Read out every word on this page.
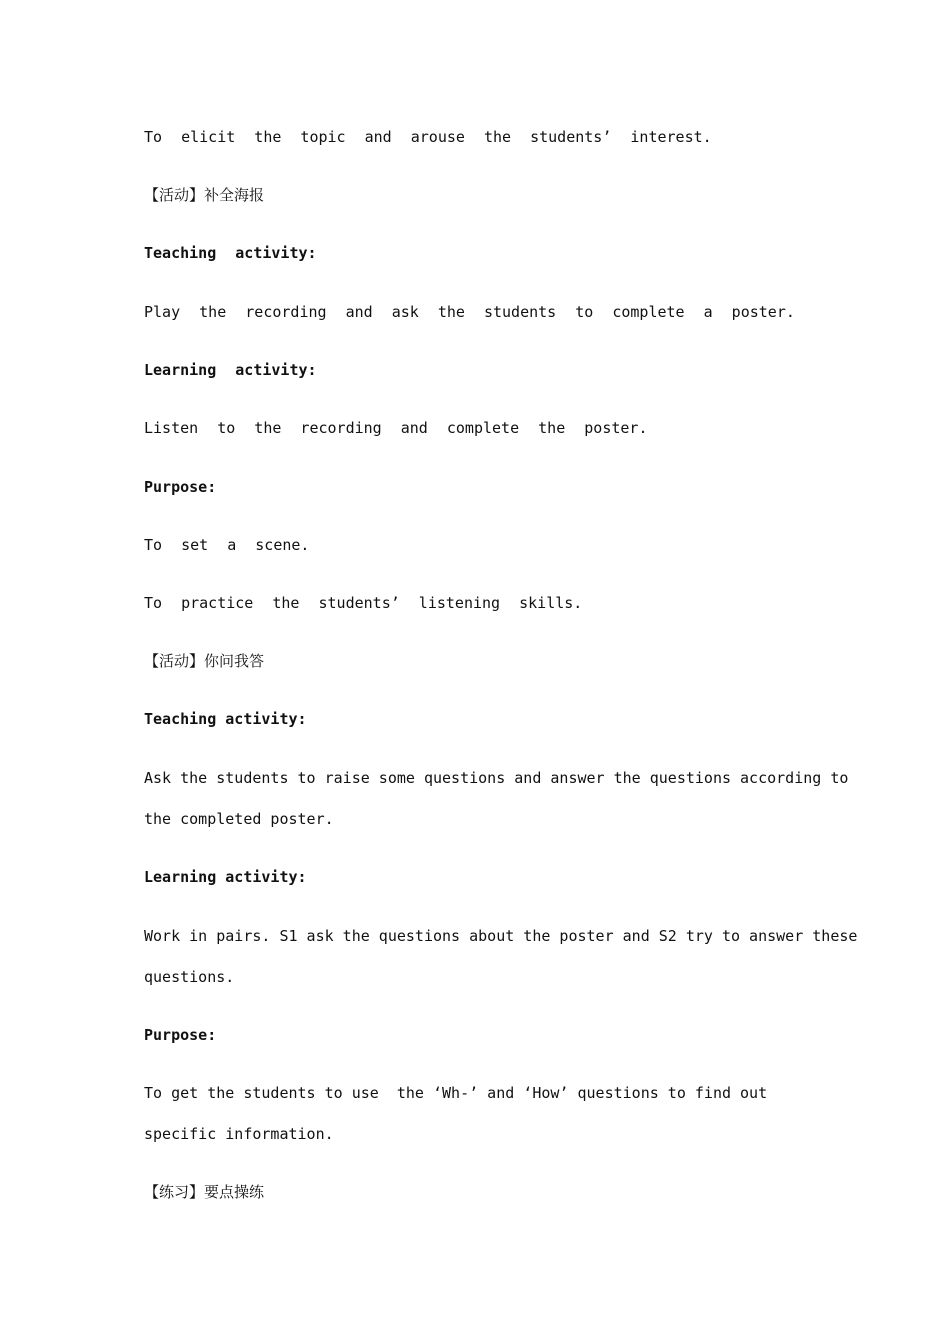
To elicit the topic and arouse the students’ interest.

【活动】补全海报

Teaching activity:

Play the recording and ask the students to complete a poster.

Learning activity:

Listen to the recording and complete the poster.

Purpose:

To set a scene.

To practice the students’ listening skills.

【活动】你问我答

Teaching activity:

Ask the students to raise some questions and answer the questions according to

the completed poster.

Learning activity:

Work in pairs. S1 ask the questions about the poster and S2 try to answer these

questions.

Purpose:

To get the students to use  the ‘Wh-’ and ‘How’ questions to find out

specific information.

【练习】要点操练
